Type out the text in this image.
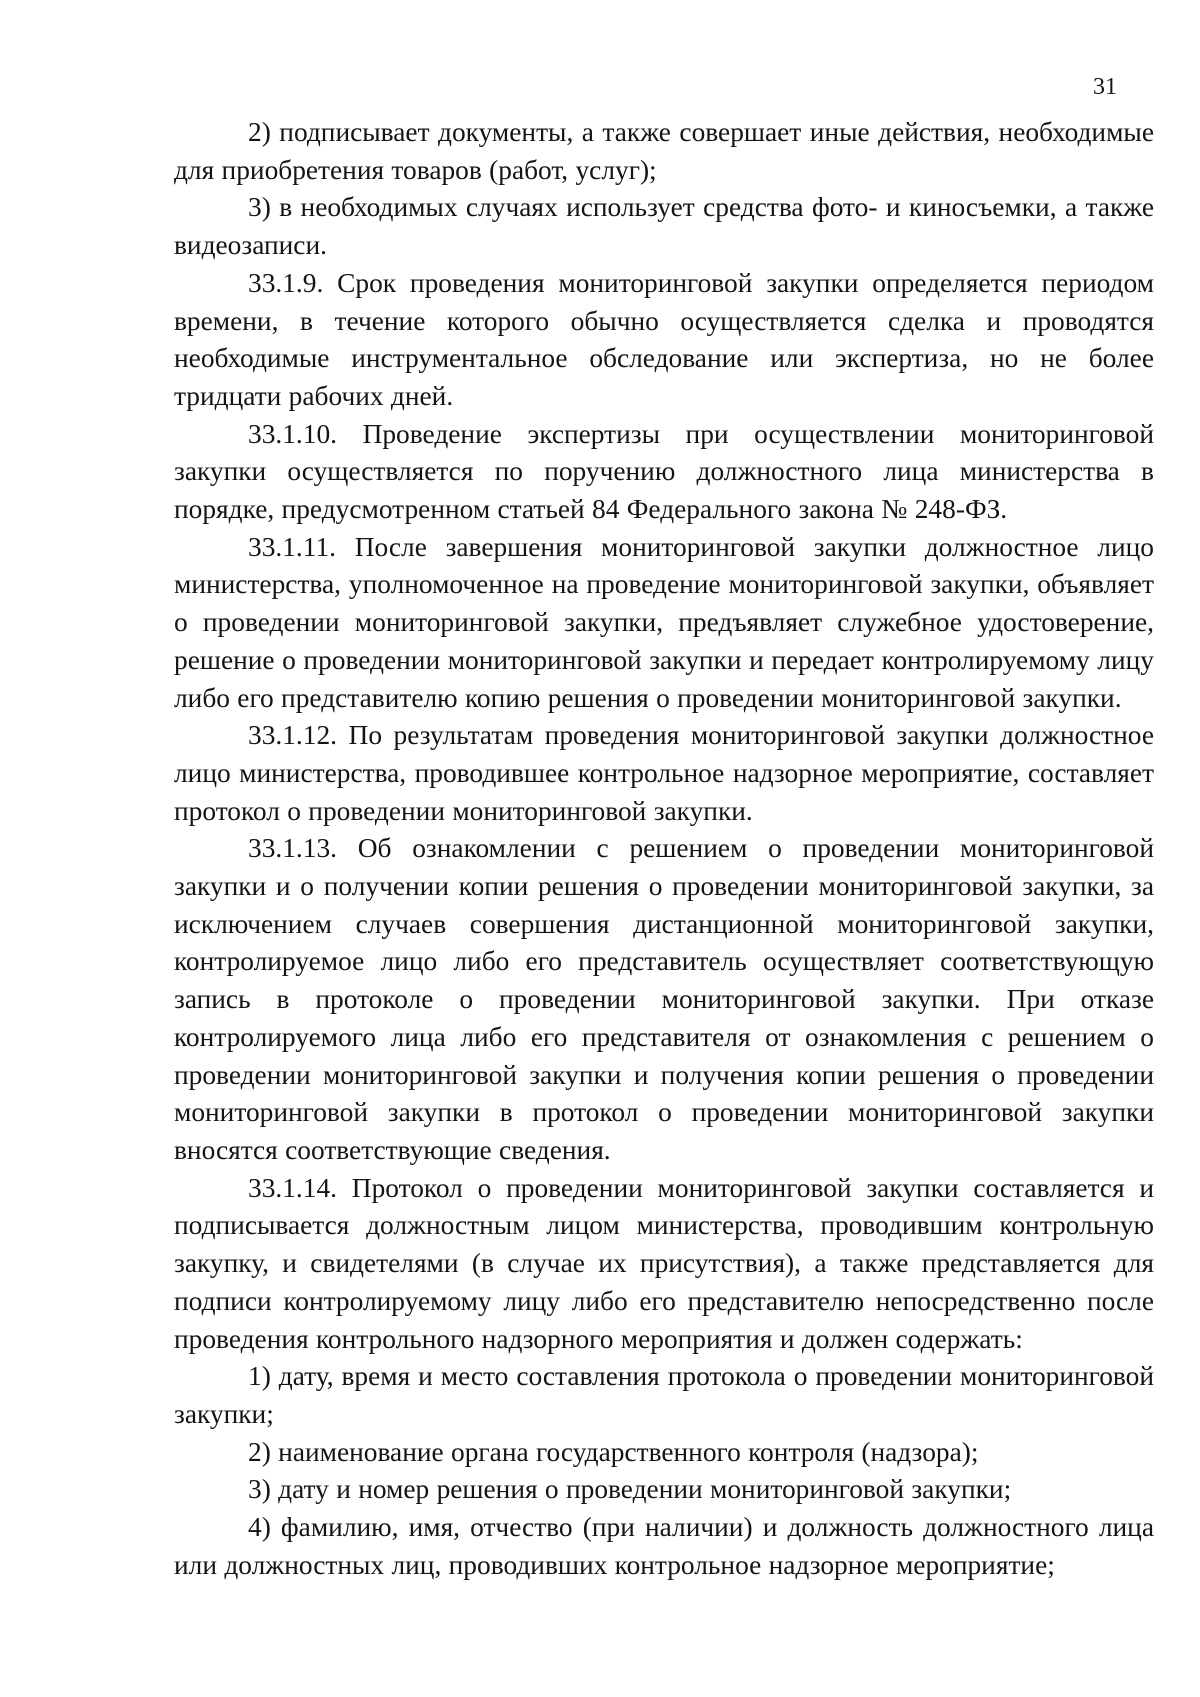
31

2) подписывает документы, а также совершает иные действия, необходимые для приобретения товаров (работ, услуг);

3) в необходимых случаях использует средства фото- и киносъемки, а также видеозаписи.

33.1.9. Срок проведения мониторинговой закупки определяется периодом времени, в течение которого обычно осуществляется сделка и проводятся необходимые инструментальное обследование или экспертиза, но не более тридцати рабочих дней.

33.1.10. Проведение экспертизы при осуществлении мониторинговой закупки осуществляется по поручению должностного лица министерства в порядке, предусмотренном статьей 84 Федерального закона № 248-ФЗ.

33.1.11. После завершения мониторинговой закупки должностное лицо министерства, уполномоченное на проведение мониторинговой закупки, объявляет о проведении мониторинговой закупки, предъявляет служебное удостоверение, решение о проведении мониторинговой закупки и передает контролируемому лицу либо его представителю копию решения о проведении мониторинговой закупки.

33.1.12. По результатам проведения мониторинговой закупки должностное лицо министерства, проводившее контрольное надзорное мероприятие, составляет протокол о проведении мониторинговой закупки.

33.1.13. Об ознакомлении с решением о проведении мониторинговой закупки и о получении копии решения о проведении мониторинговой закупки, за исключением случаев совершения дистанционной мониторинговой закупки, контролируемое лицо либо его представитель осуществляет соответствующую запись в протоколе о проведении мониторинговой закупки. При отказе контролируемого лица либо его представителя от ознакомления с решением о проведении мониторинговой закупки и получения копии решения о проведении мониторинговой закупки в протокол о проведении мониторинговой закупки вносятся соответствующие сведения.

33.1.14. Протокол о проведении мониторинговой закупки составляется и подписывается должностным лицом министерства, проводившим контрольную закупку, и свидетелями (в случае их присутствия), а также представляется для подписи контролируемому лицу либо его представителю непосредственно после проведения контрольного надзорного мероприятия и должен содержать:

1) дату, время и место составления протокола о проведении мониторинговой закупки;

2) наименование органа государственного контроля (надзора);

3) дату и номер решения о проведении мониторинговой закупки;

4) фамилию, имя, отчество (при наличии) и должность должностного лица или должностных лиц, проводивших контрольное надзорное мероприятие;
